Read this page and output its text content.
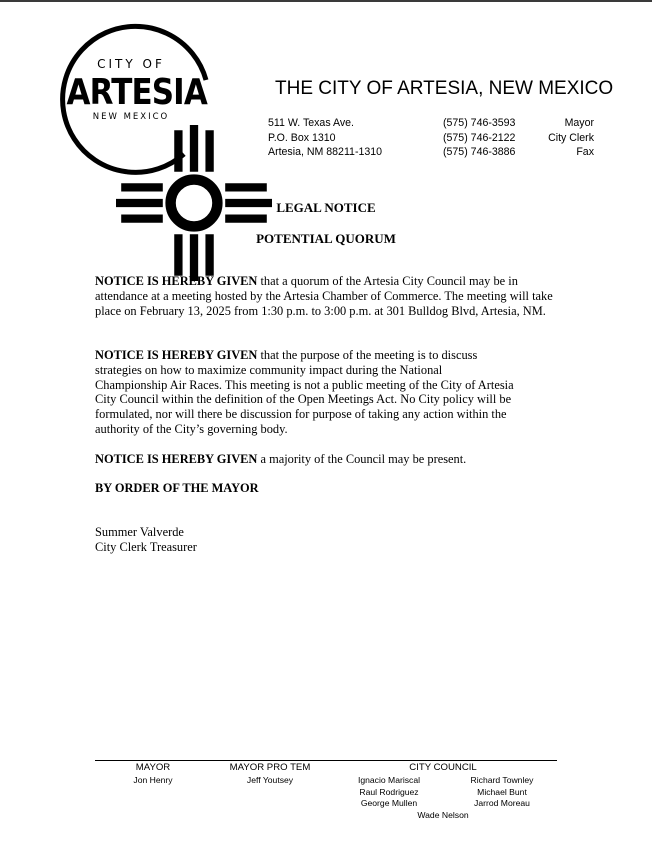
CITY OF
ARTESIA
NEW MEXICO
THE CITY OF ARTESIA, NEW MEXICO
511 W. Texas Ave.
P.O. Box 1310
Artesia, NM 88211-1310
(575) 746-3593
(575) 746-2122
(575) 746-3886
Mayor
City Clerk
Fax
LEGAL NOTICE
POTENTIAL QUORUM
NOTICE IS HEREBY GIVEN that a quorum of the Artesia City Council may be in attendance at a meeting hosted by the Artesia Chamber of Commerce. The meeting will take place on February 13, 2025 from 1:30 p.m. to 3:00 p.m. at 301 Bulldog Blvd, Artesia, NM.
NOTICE IS HEREBY GIVEN that the purpose of the meeting is to discuss strategies on how to maximize community impact during the National Championship Air Races. This meeting is not a public meeting of the City of Artesia City Council within the definition of the Open Meetings Act. No City policy will be formulated, nor will there be discussion for purpose of taking any action within the authority of the City’s governing body.
NOTICE IS HEREBY GIVEN a majority of the Council may be present.
BY ORDER OF THE MAYOR
Summer Valverde
City Clerk Treasurer
MAYOR
Jon Henry
MAYOR PRO TEM
Jeff Youtsey
CITY COUNCIL
Ignacio Mariscal
Raul Rodriguez
George Mullen
Richard Townley
Michael Bunt
Jarrod Moreau
Wade Nelson
